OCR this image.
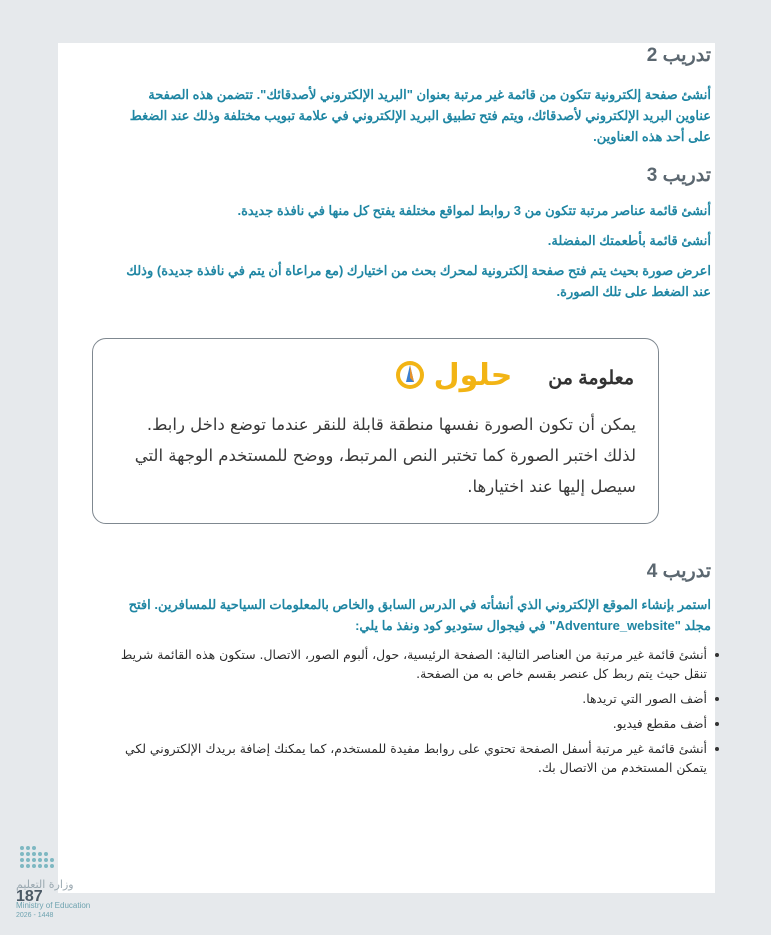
تدريب 2

أنشئ صفحة إلكترونية تتكون من قائمة غير مرتبة بعنوان "البريد الإلكتروني لأصدقائك". تتضمن هذه الصفحة عناوين البريد الإلكتروني لأصدقائك، ويتم فتح تطبيق البريد الإلكتروني في علامة تبويب مختلفة وذلك عند الضغط على أحد هذه العناوين.

تدريب 3

أنشئ قائمة عناصر مرتبة تتكون من 3 روابط لمواقع مختلفة يفتح كل منها في نافذة جديدة.

أنشئ قائمة بأطعمتك المفضلة.

اعرض صورة بحيث يتم فتح صفحة إلكترونية لمحرك بحث من اختيارك (مع مراعاة أن يتم في نافذة جديدة) وذلك عند الضغط على تلك الصورة.

معلومة من
حلول

يمكن أن تكون الصورة نفسها منطقة قابلة للنقر عندما توضع داخل رابط. لذلك اختبر الصورة كما تختبر النص المرتبط، ووضح للمستخدم الوجهة التي سيصل إليها عند اختيارها.

تدريب 4

استمر بإنشاء الموقع الإلكتروني الذي أنشأته في الدرس السابق والخاص بالمعلومات السياحية للمسافرين. افتح مجلد "Adventure_website" في فيجوال ستوديو كود ونفذ ما يلي:

أنشئ قائمة غير مرتبة من العناصر التالية: الصفحة الرئيسية، حول، ألبوم الصور، الاتصال. ستكون هذه القائمة شريط تنقل حيث يتم ربط كل عنصر بقسم خاص به من الصفحة.
أضف الصور التي تريدها.
أضف مقطع فيديو.
أنشئ قائمة غير مرتبة أسفل الصفحة تحتوي على روابط مفيدة للمستخدم، كما يمكنك إضافة بريدك الإلكتروني لكي يتمكن المستخدم من الاتصال بك.

وزارة التعليم

187

Ministry of Education

2026 - 1448
